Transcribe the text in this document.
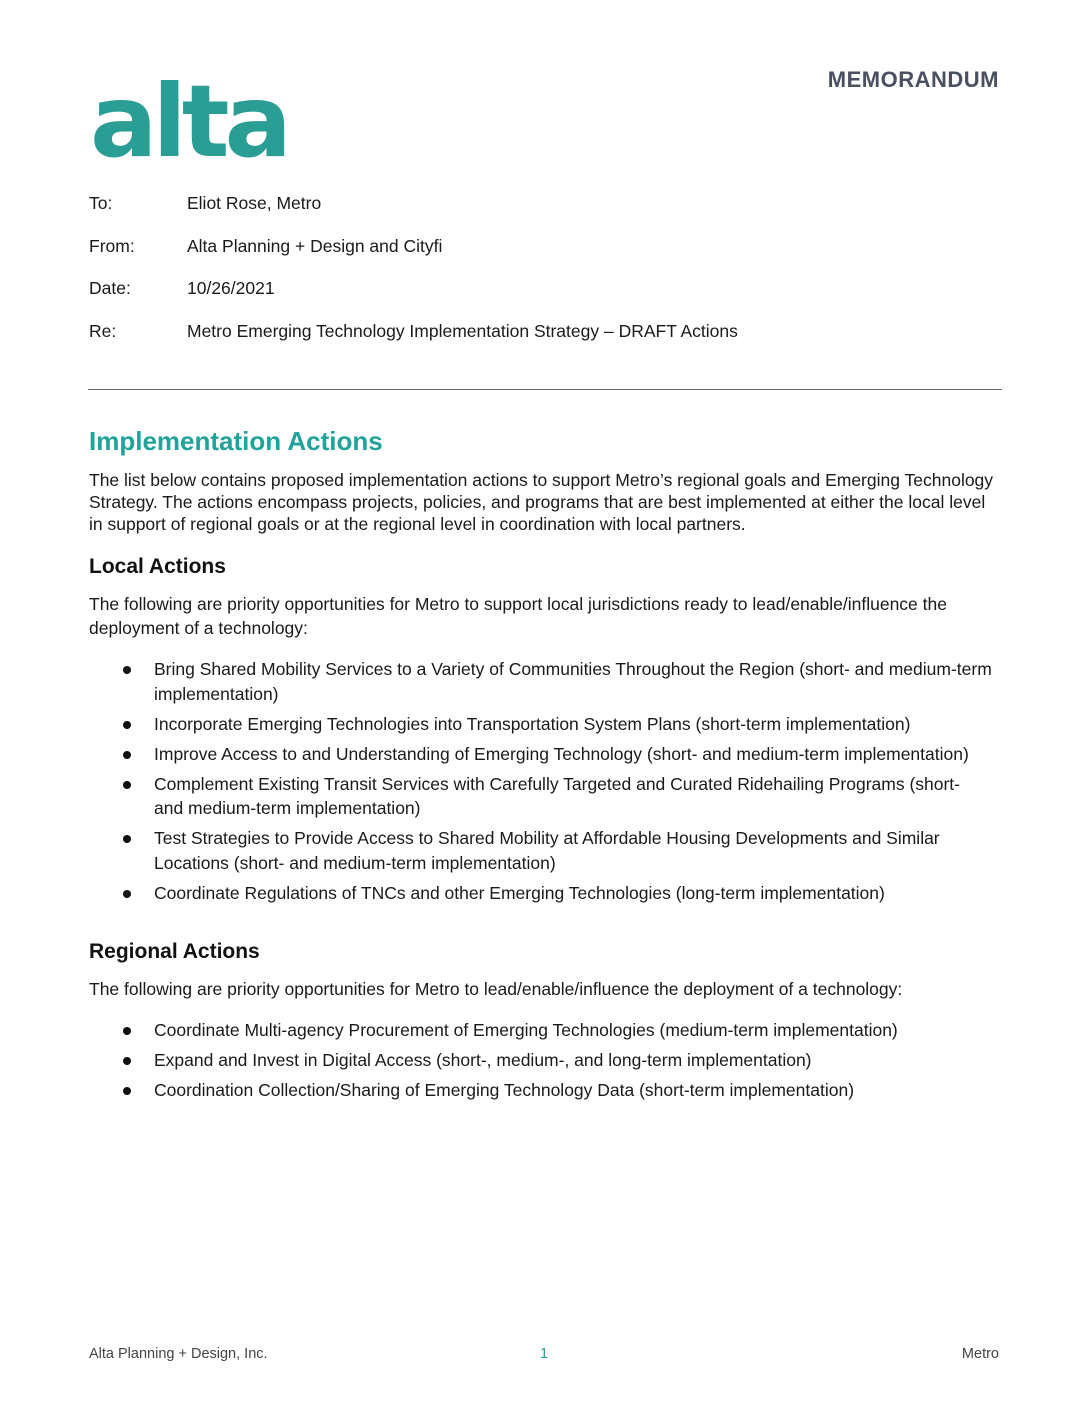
alta	MEMORANDUM
To:	Eliot Rose, Metro
From:	Alta Planning + Design and Cityfi
Date:	10/26/2021
Re:	Metro Emerging Technology Implementation Strategy – DRAFT Actions
Implementation Actions

The list below contains proposed implementation actions to support Metro’s regional goals and Emerging Technology Strategy. The actions encompass projects, policies, and programs that are best implemented at either the local level in support of regional goals or at the regional level in coordination with local partners.

Local Actions

The following are priority opportunities for Metro to support local jurisdictions ready to lead/enable/influence the deployment of a technology:

Bring Shared Mobility Services to a Variety of Communities Throughout the Region (short- and medium-term implementation)
Incorporate Emerging Technologies into Transportation System Plans (short-term implementation)
Improve Access to and Understanding of Emerging Technology (short- and medium-term implementation)
Complement Existing Transit Services with Carefully Targeted and Curated Ridehailing Programs (short- and medium-term implementation)
Test Strategies to Provide Access to Shared Mobility at Affordable Housing Developments and Similar Locations (short- and medium-term implementation)
Coordinate Regulations of TNCs and other Emerging Technologies (long-term implementation)
Regional Actions

The following are priority opportunities for Metro to lead/enable/influence the deployment of a technology:

Coordinate Multi-agency Procurement of Emerging Technologies (medium-term implementation)
Expand and Invest in Digital Access (short-, medium-, and long-term implementation)
Coordination Collection/Sharing of Emerging Technology Data (short-term implementation)
Alta Planning + Design, Inc.	1	Metro
